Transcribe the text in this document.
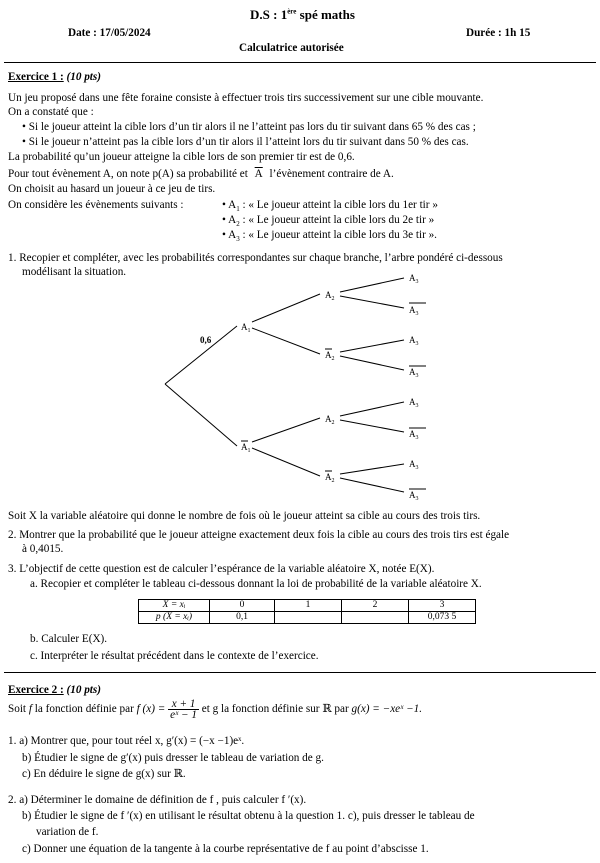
D.S : 1ère spé maths
Date : 17/05/2024	Durée : 1h 15
Calculatrice autorisée
Exercice 1 : (10 pts)
Un jeu proposé dans une fête foraine consiste à effectuer trois tirs successivement sur une cible mouvante.
On a constaté que :
• Si le joueur atteint la cible lors d’un tir alors il ne l’atteint pas lors du tir suivant dans 65 % des cas ;
• Si le joueur n’atteint pas la cible lors d’un tir alors il l’atteint lors du tir suivant dans 50 % des cas.
La probabilité qu’un joueur atteigne la cible lors de son premier tir est de 0,6.
Pour tout évènement A, on note p(A) sa probabilité et $\overline{A}$ l’évènement contraire de A.
On choisit au hasard un joueur à ce jeu de tirs.
On considère les évènements suivants :	• $A_1$ : « Le joueur atteint la cible lors du 1er tir »
• $A_2$ : « Le joueur atteint la cible lors du 2e tir »
• $A_3$ : « Le joueur atteint la cible lors du 3e tir ».
1. Recopier et compléter, avec les probabilités correspondantes sur chaque branche, l’arbre pondéré ci-dessous
modélisant la situation.
0,6
$A_1$
$A_1$
$A_2$
$A_2$
$A_2$
$A_2$
$A_3$
$A_3$
$A_3$
$A_3$
$A_3$
$A_3$
$A_3$
$A_3$
Soit X la variable aléatoire qui donne le nombre de fois où le joueur atteint sa cible au cours des trois tirs.
2. Montrer que la probabilité que le joueur atteigne exactement deux fois la cible au cours des trois tirs est égale
à 0,4015.
3. L’objectif de cette question est de calculer l’espérance de la variable aléatoire X, notée E(X).
a. Recopier et compléter le tableau ci-dessous donnant la loi de probabilité de la variable aléatoire X.
X = xᵢ	0	1	2	3
p (X = xᵢ)	0,1			0,073 5
b. Calculer E(X).
c. Interpréter le résultat précédent dans le contexte de l’exercice.
Exercice 2 : (10 pts)
Soit f la fonction définie par f $(x) = \frac{x + 1}{\text{eˣ − 1}}$ et g la fonction définie sur ℝ par g(x) = −xeˣ −1.
1. a) Montrer que, pour tout réel x, g′(x) = (−x −1)eˣ.
b) Étudier le signe de g′(x) puis dresser le tableau de variation de g.
c) En déduire le signe de g(x) sur ℝ.
2. a) Déterminer le domaine de définition de f , puis calculer f ′(x).
b) Étudier le signe de f ′(x) en utilisant le résultat obtenu à la question 1. c), puis dresser le tableau de
variation de f.
c) Donner une équation de la tangente à la courbe représentative de f au point d’abscisse 1.
